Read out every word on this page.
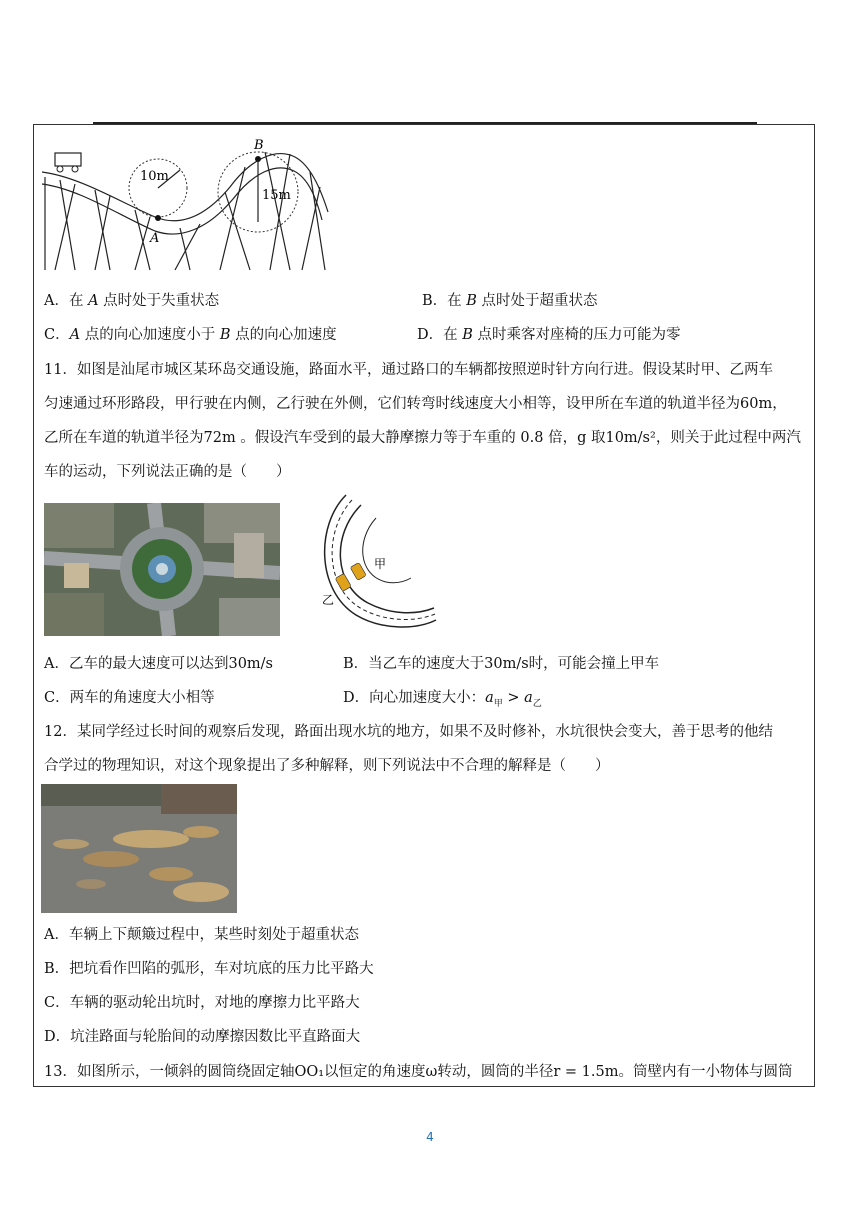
10m
A
B
15m
A．在 A 点时处于失重状态	B．在 B 点时处于超重状态
C．A 点的向心加速度小于 B 点的向心加速度	D．在 B 点时乘客对座椅的压力可能为零
11．如图是汕尾市城区某环岛交通设施，路面水平，通过路口的车辆都按照逆时针方向行进。假设某时甲、乙两车
匀速通过环形路段，甲行驶在内侧，乙行驶在外侧，它们转弯时线速度大小相等，设甲所在车道的轨道半径为60m，
乙所在车道的轨道半径为72m 。假设汽车受到的最大静摩擦力等于车重的 0.8 倍，g 取10m/s²，则关于此过程中两汽
车的运动，下列说法正确的是（　　）
甲
乙
A．乙车的最大速度可以达到30m/s	B．当乙车的速度大于30m/s时，可能会撞上甲车
C．两车的角速度大小相等	D．向心加速度大小：$a_甲 > a_乙$
12．某同学经过长时间的观察后发现，路面出现水坑的地方，如果不及时修补，水坑很快会变大，善于思考的他结
合学过的物理知识，对这个现象提出了多种解释，则下列说法中不合理的解释是（　　）
A．车辆上下颠簸过程中，某些时刻处于超重状态
B．把坑看作凹陷的弧形，车对坑底的压力比平路大
C．车辆的驱动轮出坑时，对地的摩擦力比平路大
D．坑洼路面与轮胎间的动摩擦因数比平直路面大
13．如图所示，一倾斜的圆筒绕固定轴OO₁以恒定的角速度ω转动，圆筒的半径r = 1.5m。筒壁内有一小物体与圆筒
4
